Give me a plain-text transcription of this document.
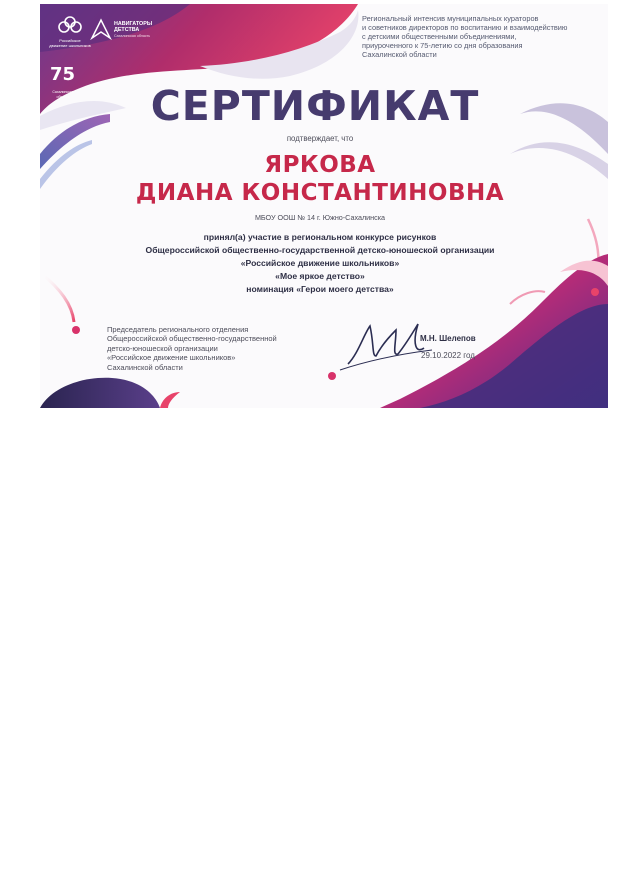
Российское
движение школьников
НАВИГАТОРЫ ДЕТСТВА
Сахалинская область
75
Сахалинская область
Региональный интенсив муниципальных кураторов
и советников директоров по воспитанию и взаимодействию
с детскими общественными объединениями,
приуроченного к 75-летию со дня образования
Сахалинской области
СЕРТИФИКАТ
подтверждает, что
ЯРКОВА
ДИАНА КОНСТАНТИНОВНА
МБОУ ООШ № 14 г. Южно-Сахалинска
принял(а) участие в региональном конкурсе рисунков
Общероссийской общественно-государственной детско-юношеской организации
«Российское движение школьников»
«Мое яркое детство»
номинация «Герои моего детства»
Председатель регионального отделения
Общероссийской общественно-государственной
детско-юношеской организации
«Российское движение школьников»
Сахалинской области
М.Н. Шелепов
29.10.2022 год
